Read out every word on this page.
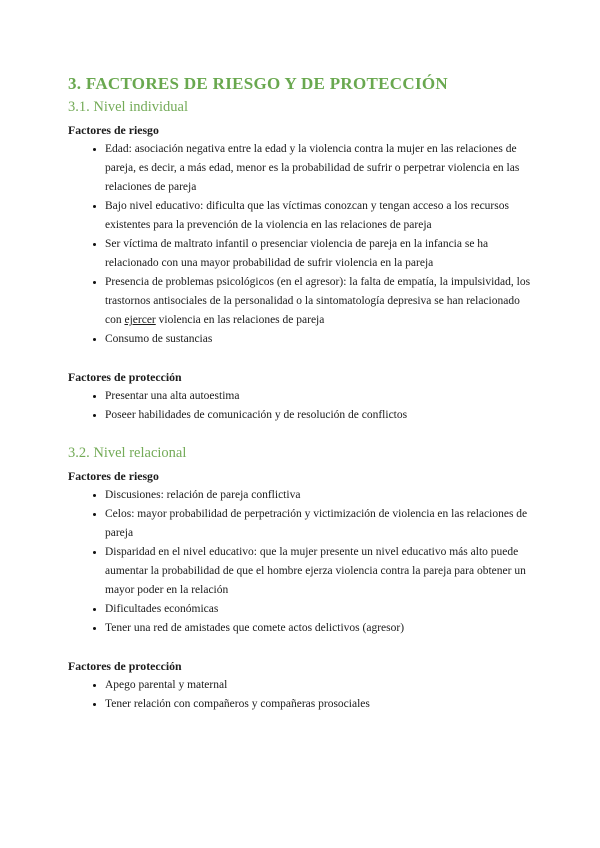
3. FACTORES DE RIESGO Y DE PROTECCIÓN
3.1. Nivel individual

Factores de riesgo

• Edad: asociación negativa entre la edad y la violencia contra la mujer en las relaciones de pareja, es decir, a más edad, menor es la probabilidad de sufrir o perpetrar violencia en las relaciones de pareja
• Bajo nivel educativo: dificulta que las víctimas conozcan y tengan acceso a los recursos existentes para la prevención de la violencia en las relaciones de pareja
• Ser víctima de maltrato infantil o presenciar violencia de pareja en la infancia se ha relacionado con una mayor probabilidad de sufrir violencia en la pareja
• Presencia de problemas psicológicos (en el agresor): la falta de empatía, la impulsividad, los trastornos antisociales de la personalidad o la sintomatología depresiva se han relacionado con ejercer violencia en las relaciones de pareja
• Consumo de sustancias

Factores de protección

• Presentar una alta autoestima
• Poseer habilidades de comunicación y de resolución de conflictos
3.2. Nivel relacional

Factores de riesgo

• Discusiones: relación de pareja conflictiva
• Celos: mayor probabilidad de perpetración y victimización de violencia en las relaciones de pareja
• Disparidad en el nivel educativo: que la mujer presente un nivel educativo más alto puede aumentar la probabilidad de que el hombre ejerza violencia contra la pareja para obtener un mayor poder en la relación
• Dificultades económicas
• Tener una red de amistades que comete actos delictivos (agresor)

Factores de protección

• Apego parental y maternal
• Tener relación con compañeros y compañeras prosociales
